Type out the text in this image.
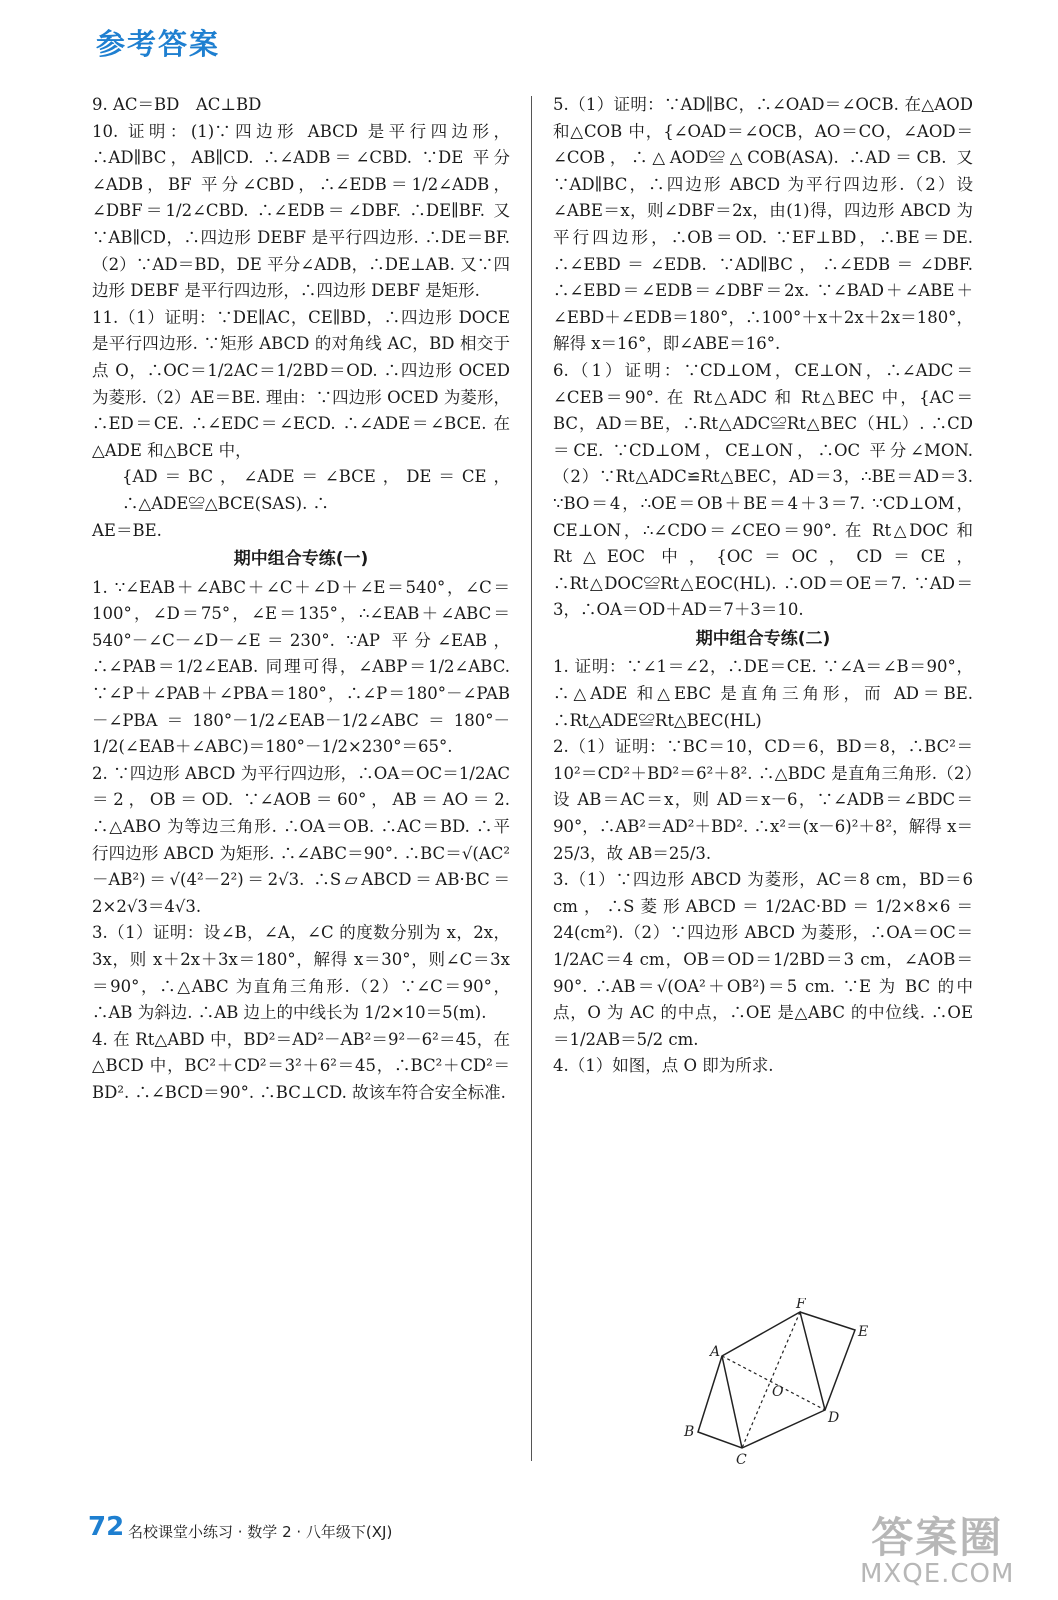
参考答案

9. AC＝BD　AC⊥BD

10. 证明：(1)∵四边形 ABCD 是平行四边形，∴AD∥BC，AB∥CD. ∴∠ADB＝∠CBD. ∵DE 平分∠ADB，BF 平分∠CBD，∴∠EDB＝1/2∠ADB，∠DBF＝1/2∠CBD. ∴∠EDB＝∠DBF. ∴DE∥BF. 又∵AB∥CD，∴四边形 DEBF 是平行四边形. ∴DE＝BF.（2）∵AD＝BD，DE 平分∠ADB，∴DE⊥AB. 又∵四边形 DEBF 是平行四边形，∴四边形 DEBF 是矩形.

11.（1）证明：∵DE∥AC，CE∥BD，∴四边形 DOCE 是平行四边形. ∵矩形 ABCD 的对角线 AC，BD 相交于点 O，∴OC＝1/2AC＝1/2BD＝OD. ∴四边形 OCED 为菱形.（2）AE＝BE. 理由：∵四边形 OCED 为菱形，∴ED＝CE. ∴∠EDC＝∠ECD. ∴∠ADE＝∠BCE. 在△ADE 和△BCE 中，

{AD＝BC，∠ADE＝∠BCE，DE＝CE，∴△ADE≌△BCE(SAS). ∴

AE＝BE.

期中组合专练(一)

1. ∵∠EAB＋∠ABC＋∠C＋∠D＋∠E＝540°，∠C＝100°，∠D＝75°，∠E＝135°，∴∠EAB＋∠ABC＝540°－∠C－∠D－∠E＝230°. ∵AP 平分∠EAB，∴∠PAB＝1/2∠EAB. 同理可得，∠ABP＝1/2∠ABC. ∵∠P＋∠PAB＋∠PBA＝180°，∴∠P＝180°－∠PAB－∠PBA＝180°－1/2∠EAB－1/2∠ABC＝180°－1/2(∠EAB＋∠ABC)＝180°－1/2×230°＝65°.

2. ∵四边形 ABCD 为平行四边形，∴OA＝OC＝1/2AC＝2，OB＝OD. ∵∠AOB＝60°，AB＝AO＝2. ∴△ABO 为等边三角形. ∴OA＝OB. ∴AC＝BD. ∴平行四边形 ABCD 为矩形. ∴∠ABC＝90°. ∴BC＝√(AC²－AB²)＝√(4²－2²)＝2√3. ∴S▱ABCD＝AB·BC＝2×2√3＝4√3.

3.（1）证明：设∠B，∠A，∠C 的度数分别为 x，2x，3x，则 x＋2x＋3x＝180°，解得 x＝30°，则∠C＝3x＝90°，∴△ABC 为直角三角形.（2）∵∠C＝90°，∴AB 为斜边. ∴AB 边上的中线长为 1/2×10＝5(m).

4. 在 Rt△ABD 中，BD²＝AD²－AB²＝9²－6²＝45，在△BCD 中，BC²＋CD²＝3²＋6²＝45，∴BC²＋CD²＝BD². ∴∠BCD＝90°. ∴BC⊥CD. 故该车符合安全标准.

5.（1）证明：∵AD∥BC，∴∠OAD＝∠OCB. 在△AOD 和△COB 中，{∠OAD＝∠OCB，AO＝CO，∠AOD＝∠COB，∴△AOD≌△COB(ASA). ∴AD＝CB. 又∵AD∥BC，∴四边形 ABCD 为平行四边形.（2）设∠ABE＝x，则∠DBF＝2x，由(1)得，四边形 ABCD 为平行四边形，∴OB＝OD. ∵EF⊥BD，∴BE＝DE. ∴∠EBD＝∠EDB. ∵AD∥BC，∴∠EDB＝∠DBF. ∴∠EBD＝∠EDB＝∠DBF＝2x. ∵∠BAD＋∠ABE＋∠EBD＋∠EDB＝180°，∴100°＋x＋2x＋2x＝180°，解得 x＝16°，即∠ABE＝16°.

6.（1）证明：∵CD⊥OM，CE⊥ON，∴∠ADC＝∠CEB＝90°. 在 Rt△ADC 和 Rt△BEC 中，{AC＝BC，AD＝BE，∴Rt△ADC≌Rt△BEC（HL）. ∴CD＝CE. ∵CD⊥OM，CE⊥ON，∴OC 平分∠MON.（2）∵Rt△ADC≌Rt△BEC，AD＝3，∴BE＝AD＝3. ∵BO＝4，∴OE＝OB＋BE＝4＋3＝7. ∵CD⊥OM，CE⊥ON，∴∠CDO＝∠CEO＝90°. 在 Rt△DOC 和 Rt△EOC 中，{OC＝OC，CD＝CE，∴Rt△DOC≌Rt△EOC(HL). ∴OD＝OE＝7. ∵AD＝3，∴OA＝OD＋AD＝7＋3＝10.

期中组合专练(二)

1. 证明：∵∠1＝∠2，∴DE＝CE. ∵∠A＝∠B＝90°，∴△ADE 和△EBC 是直角三角形，而 AD＝BE. ∴Rt△ADE≌Rt△BEC(HL)

2.（1）证明：∵BC＝10，CD＝6，BD＝8，∴BC²＝10²＝CD²＋BD²＝6²＋8². ∴△BDC 是直角三角形.（2）设 AB＝AC＝x，则 AD＝x－6，∵∠ADB＝∠BDC＝90°，∴AB²＝AD²＋BD². ∴x²＝(x－6)²＋8²，解得 x＝25/3，故 AB＝25/3.

3.（1）∵四边形 ABCD 为菱形，AC＝8 cm，BD＝6 cm，∴S菱形ABCD＝1/2AC·BD＝1/2×8×6＝24(cm²).（2）∵四边形 ABCD 为菱形，∴OA＝OC＝1/2AC＝4 cm，OB＝OD＝1/2BD＝3 cm，∠AOB＝90°. ∴AB＝√(OA²＋OB²)＝5 cm. ∵E 为 BC 的中点，O 为 AC 的中点，∴OE 是△ABC 的中位线. ∴OE＝1/2AB＝5/2 cm.

4.（1）如图，点 O 即为所求.

A
B
C
D
E
F
O
72 名校课堂小练习 · 数学 2 · 八年级下(XJ)	答案圈
MXQE.COM
